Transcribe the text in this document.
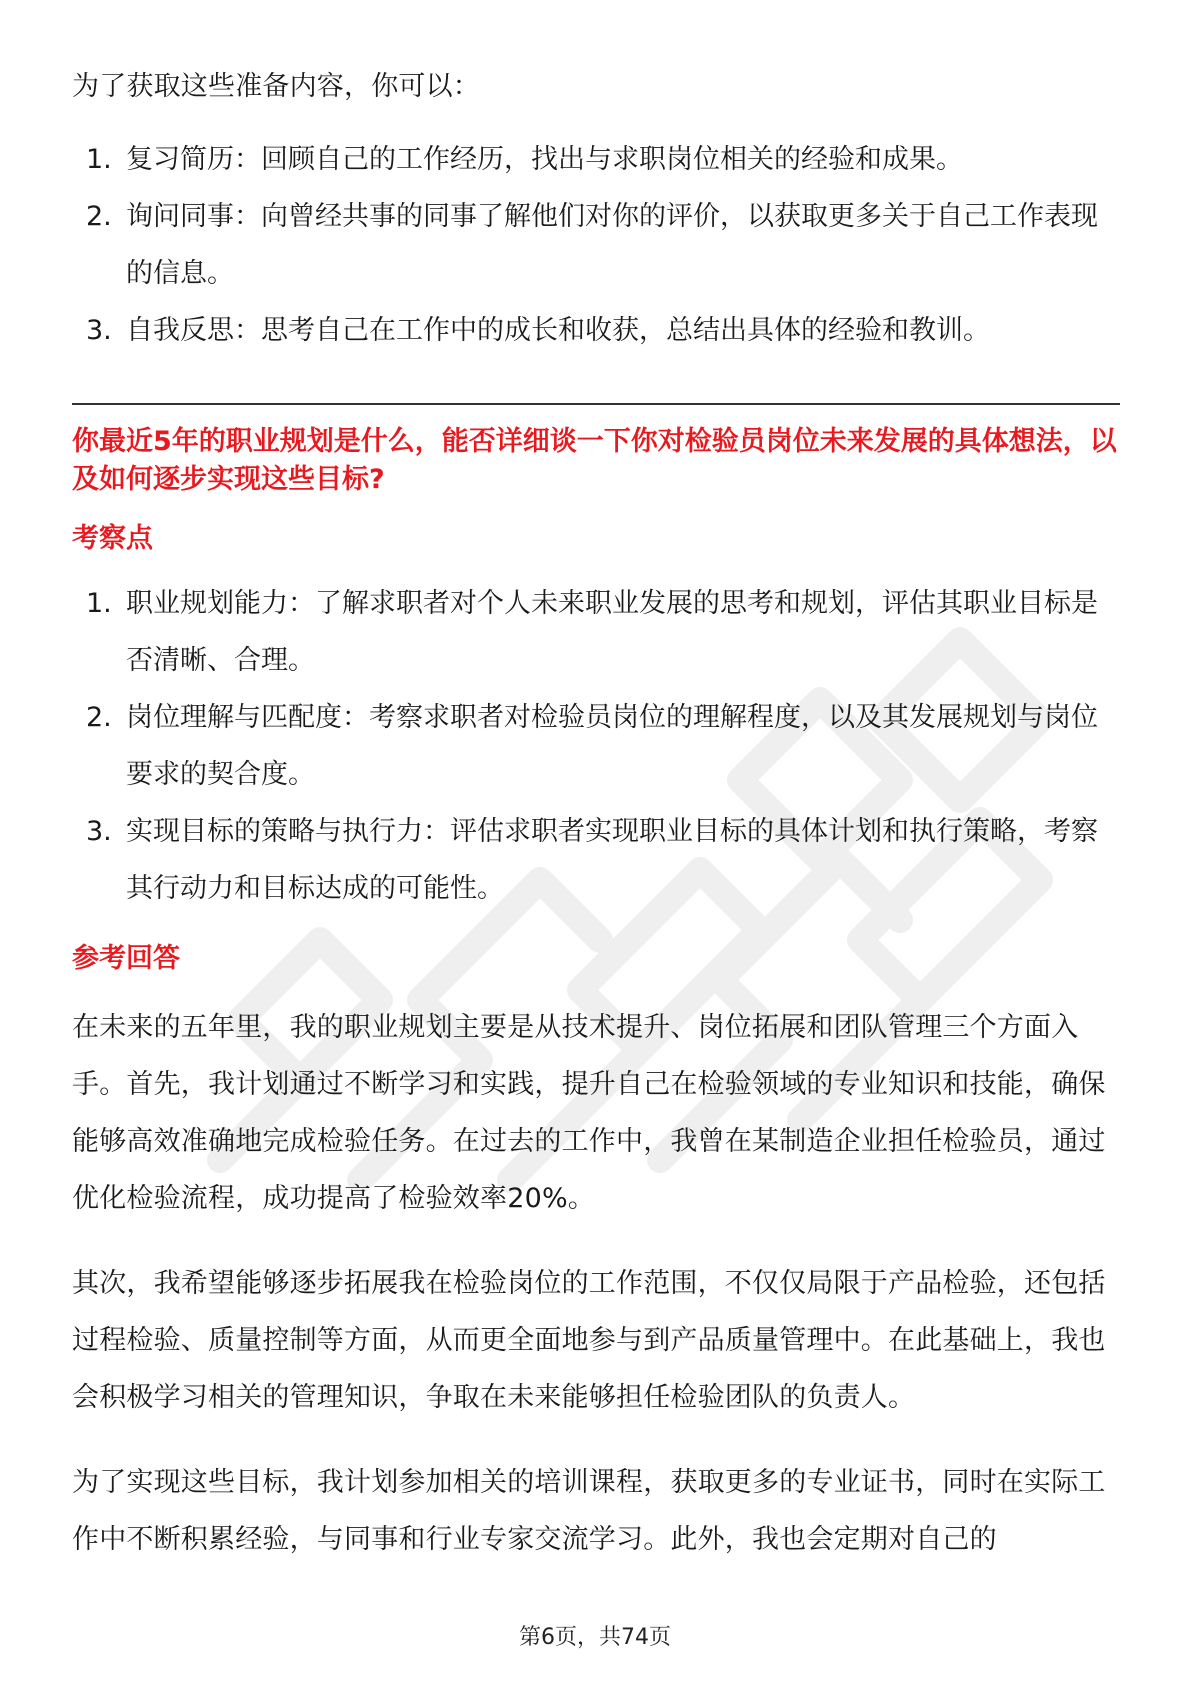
为了获取这些准备内容，你可以：

1. 复习简历：回顾自己的工作经历，找出与求职岗位相关的经验和成果。
2. 询问同事：向曾经共事的同事了解他们对你的评价，以获取更多关于自己工作表现的信息。
3. 自我反思：思考自己在工作中的成长和收获，总结出具体的经验和教训。

你最近5年的职业规划是什么，能否详细谈一下你对检验员岗位未来发展的具体想法，以及如何逐步实现这些目标?

考察点

1. 职业规划能力：了解求职者对个人未来职业发展的思考和规划，评估其职业目标是否清晰、合理。
2. 岗位理解与匹配度：考察求职者对检验员岗位的理解程度，以及其发展规划与岗位要求的契合度。
3. 实现目标的策略与执行力：评估求职者实现职业目标的具体计划和执行策略，考察其行动力和目标达成的可能性。

参考回答

在未来的五年里，我的职业规划主要是从技术提升、岗位拓展和团队管理三个方面入手。首先，我计划通过不断学习和实践，提升自己在检验领域的专业知识和技能，确保能够高效准确地完成检验任务。在过去的工作中，我曾在某制造企业担任检验员，通过优化检验流程，成功提高了检验效率20%。

其次，我希望能够逐步拓展我在检验岗位的工作范围，不仅仅局限于产品检验，还包括过程检验、质量控制等方面，从而更全面地参与到产品质量管理中。在此基础上，我也会积极学习相关的管理知识，争取在未来能够担任检验团队的负责人。

为了实现这些目标，我计划参加相关的培训课程，获取更多的专业证书，同时在实际工作中不断积累经验，与同事和行业专家交流学习。此外，我也会定期对自己的

第6页，共74页
